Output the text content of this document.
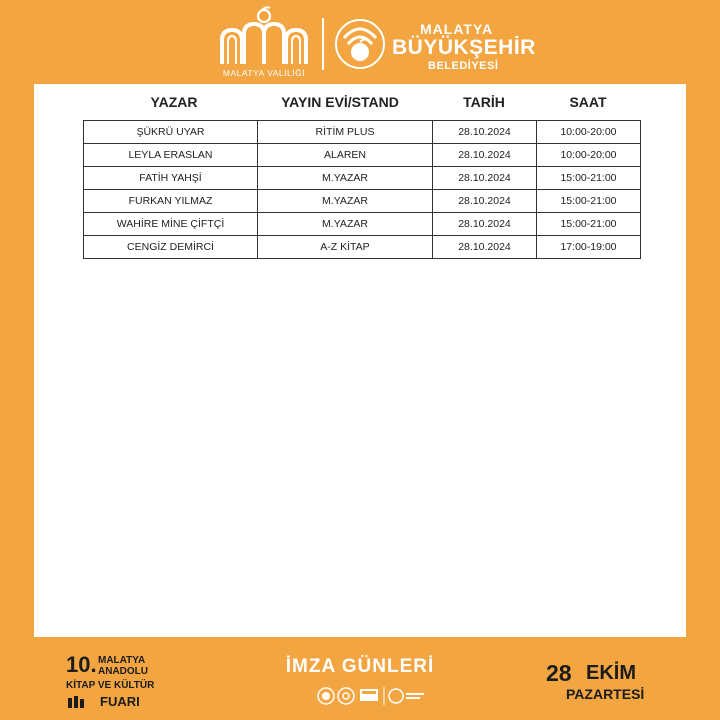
MALATYA VALİLİĞİ
MALATYA
BÜYÜKŞEHİR
BELEDİYESİ
YAZAR	YAYIN EVİ/STAND	TARİH	SAAT
ŞÜKRÜ UYAR	RİTİM PLUS	28.10.2024	10:00-20:00
LEYLA ERASLAN	ALAREN	28.10.2024	10:00-20:00
FATİH YAHŞİ	M.YAZAR	28.10.2024	15:00-21:00
FURKAN YILMAZ	M.YAZAR	28.10.2024	15:00-21:00
WAHİRE MİNE ÇİFTÇİ	M.YAZAR	28.10.2024	15:00-21:00
CENGİZ DEMİRCİ	A-Z KİTAP	28.10.2024	17:00-19:00
10. MALATYA
ANADOLU
KİTAP VE KÜLTÜR
FUARI
İMZA GÜNLERİ	28 EKİM
PAZARTESİ
